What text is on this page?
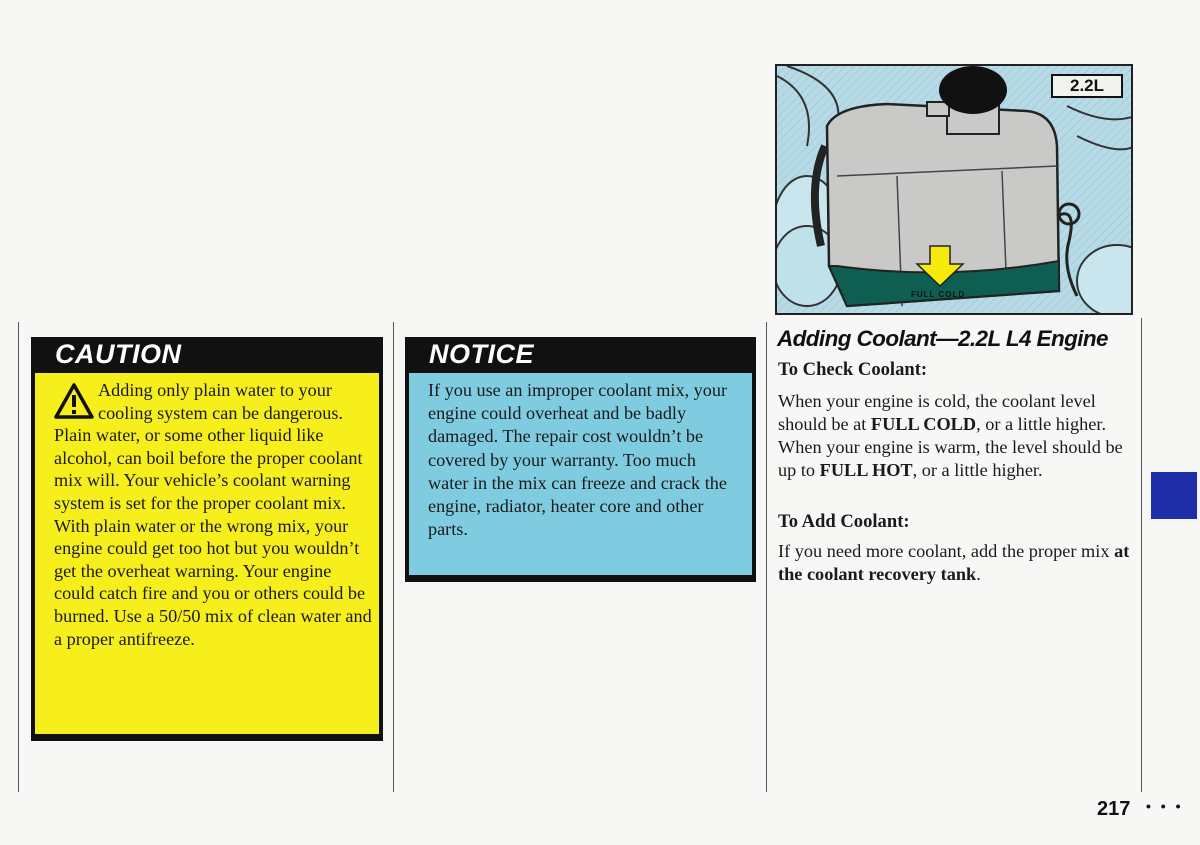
CAUTION
Adding only plain water to your cooling system can be dangerous. Plain water, or some other liquid like alcohol, can boil before the proper coolant mix will. Your vehicle’s coolant warning system is set for the proper coolant mix. With plain water or the wrong mix, your engine could get too hot but you wouldn’t get the overheat warning. Your engine could catch fire and you or others could be burned. Use a 50/50 mix of clean water and a proper antifreeze.
NOTICE
If you use an improper coolant mix, your engine could overheat and be badly damaged. The repair cost wouldn’t be covered by your warranty. Too much water in the mix can freeze and crack the engine, radiator, heater core and other parts.
2.2L
FULL COLD
Adding Coolant—2.2L L4 Engine
To Check Coolant:
When your engine is cold, the coolant level should be at FULL COLD, or a little higher. When your engine is warm, the level should be up to FULL HOT, or a little higher.
To Add Coolant:
If you need more coolant, add the proper mix at the coolant recovery tank.
217 • • •
